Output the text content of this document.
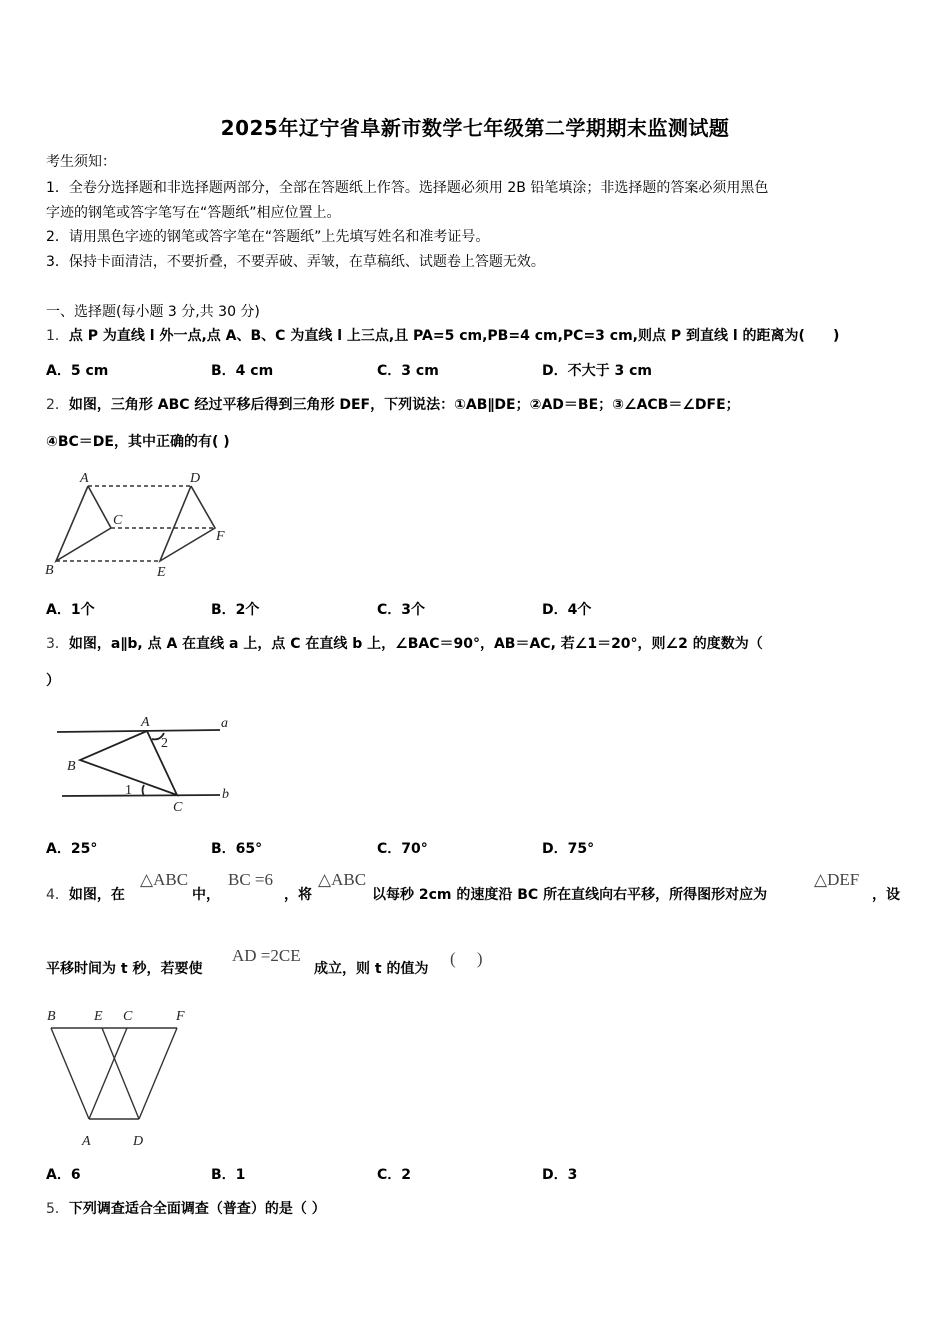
2025年辽宁省阜新市数学七年级第二学期期末监测试题
考生须知：
1．全卷分选择题和非选择题两部分，全部在答题纸上作答。选择题必须用 2B 铅笔填涂；非选择题的答案必须用黑色
字迹的钢笔或答字笔写在“答题纸”相应位置上。
2．请用黑色字迹的钢笔或答字笔在“答题纸”上先填写姓名和准考证号。
3．保持卡面清洁，不要折叠，不要弄破、弄皱，在草稿纸、试题卷上答题无效。
一、选择题(每小题 3 分,共 30 分)
1．点 P 为直线 l 外一点,点 A、B、C 为直线 l 上三点,且 PA=5 cm,PB=4 cm,PC=3 cm,则点 P 到直线 l 的距离为(　　)
A．5 cm	B．4 cm	C．3 cm	D．不大于 3 cm
2．如图，三角形 ABC 经过平移后得到三角形 DEF，下列说法：①AB∥DE；②AD＝BE；③∠ACB＝∠DFE；
④BC＝DE，其中正确的有( )
A
C
B
D
F
E
A．1个	B．2个	C．3个	D．4个
3．如图，a∥b, 点 A 在直线 a 上，点 C 在直线 b 上，∠BAC＝90°，AB＝AC, 若∠1＝20°，则∠2 的度数为（
）
A	a
2
B
1	b
C
A．25°	B．65°	C．70°	D．75°
4．如图，在
△ABC
中，
BC =6
，将
△ABC
以每秒 2cm 的速度沿 BC 所在直线向右平移，所得图形对应为
△DEF
，设
平移时间为 t 秒，若要使
AD =2CE
成立，则 t 的值为
(　 )
B	E C	F
A	D
A．6	B．1	C．2	D．3
5．下列调查适合全面调查（普查）的是（ ）
